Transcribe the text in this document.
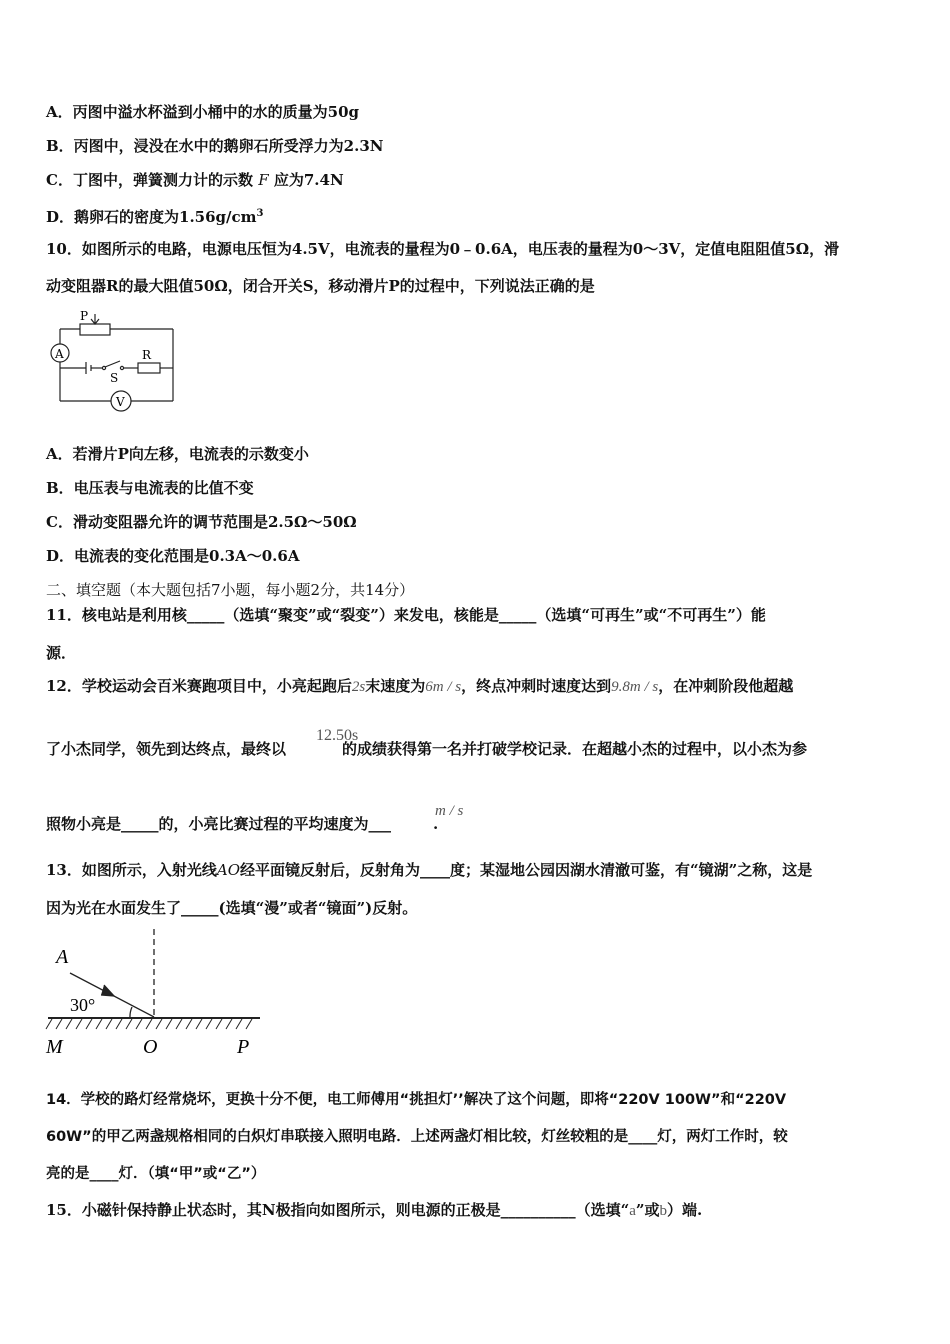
A．丙图中溢水杯溢到小桶中的水的质量为50g
B．丙图中，浸没在水中的鹅卵石所受浮力为2.3N
C．丁图中，弹簧测力计的示数 F 应为7.4N
D．鹅卵石的密度为$1.56g/cm^3$
10．如图所示的电路，电源电压恒为4.5V，电流表的量程为0﹣0.6A，电压表的量程为0～3V，定值电阻阻值5Ω，滑
动变阻器R的最大阻值50Ω，闭合开关S，移动滑片P的过程中，下列说法正确的是
P
A
S
R
V
A．若滑片P向左移，电流表的示数变小
B．电压表与电流表的比值不变
C．滑动变阻器允许的调节范围是2.5Ω～50Ω
D．电流表的变化范围是0.3A～0.6A
二、填空题（本大题包括7小题，每小题2分，共14分）
11．核电站是利用核_____（选填“聚变”或“裂变”）来发电，核能是_____（选填“可再生”或“不可再生”）能
源．
12．学校运动会百米赛跑项目中，小亮起跑后2s末速度为6m / s，终点冲刺时速度达到9.8m / s，在冲刺阶段他超越
12.50s
了小杰同学，领先到达终点，最终以	的成绩获得第一名并打破学校记录．在超越小杰的过程中，以小杰为参
m / s
照物小亮是_____的，小亮比赛过程的平均速度为___	.
13．如图所示，入射光线AO经平面镜反射后，反射角为____度；某湿地公园因湖水清澈可鉴，有“镜湖”之称，这是
因为光在水面发生了_____(选填“漫”或者“镜面”)反射。
A
30°
M	O	P
14．学校的路灯经常烧坏，更换十分不便，电工师傅用“挑担灯’’解决了这个问题，即将“220V 100W”和“220V
60W”的甲乙两盏规格相同的白炽灯串联接入照明电路．上述两盏灯相比较，灯丝较粗的是____灯，两灯工作时，较
亮的是____灯．（填“甲”或“乙”）
15．小磁针保持静止状态时，其N极指向如图所示，则电源的正极是__________（选填“a”或b）端.
